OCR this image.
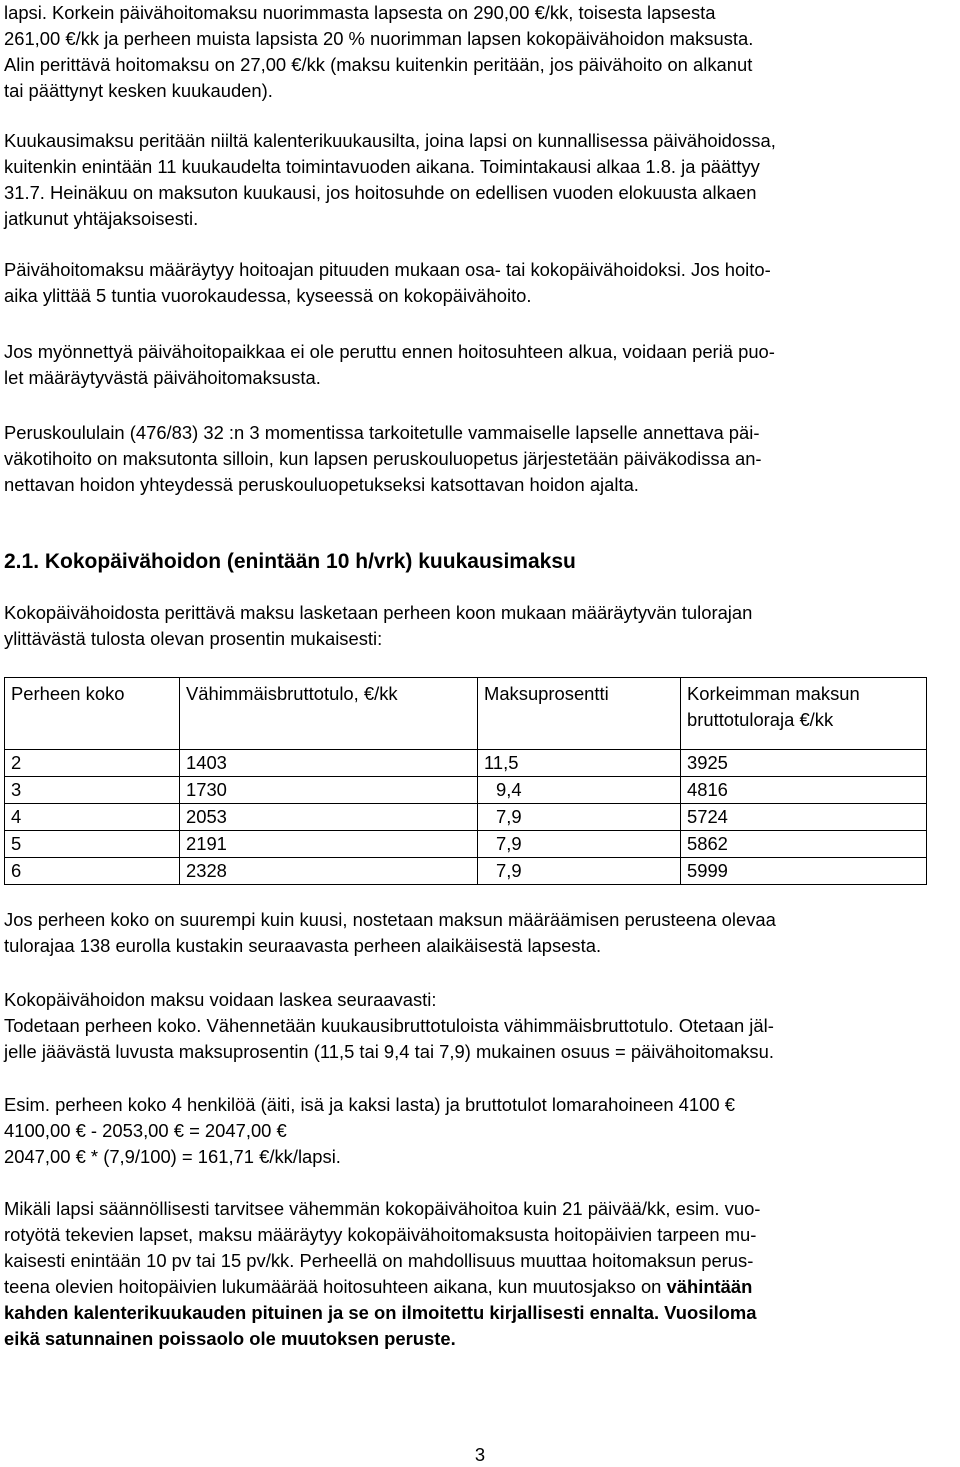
lapsi. Korkein päivähoitomaksu nuorimmasta lapsesta on 290,00 €/kk, toisesta lapsesta
261,00 €/kk ja perheen muista lapsista 20 % nuorimman lapsen kokopäivähoidon maksusta.
Alin perittävä hoitomaksu on 27,00 €/kk (maksu kuitenkin peritään, jos päivähoito on alkanut
tai päättynyt kesken kuukauden).
Kuukausimaksu peritään niiltä kalenterikuukausilta, joina lapsi on kunnallisessa päivähoidossa,
kuitenkin enintään 11 kuukaudelta toimintavuoden aikana. Toimintakausi alkaa 1.8. ja päättyy
31.7. Heinäkuu on maksuton kuukausi, jos hoitosuhde on edellisen vuoden elokuusta alkaen
jatkunut yhtäjaksoisesti.
Päivähoitomaksu määräytyy hoitoajan pituuden mukaan osa- tai kokopäivähoidoksi. Jos hoito-
aika ylittää 5 tuntia vuorokaudessa, kyseessä on kokopäivähoito.
Jos myönnettyä päivähoitopaikkaa ei ole peruttu ennen hoitosuhteen alkua, voidaan periä puo-
let määräytyvästä päivähoitomaksusta.
Peruskoululain (476/83) 32 :n 3 momentissa tarkoitetulle vammaiselle lapselle annettava päi-
väkotihoito on maksutonta silloin, kun lapsen peruskouluopetus järjestetään päiväkodissa an-
nettavan hoidon yhteydessä peruskouluopetukseksi katsottavan hoidon ajalta.
2.1. Kokopäivähoidon (enintään 10 h/vrk) kuukausimaksu
Kokopäivähoidosta perittävä maksu lasketaan perheen koon mukaan määräytyvän tulorajan
ylittävästä tulosta olevan prosentin mukaisesti:
Perheen koko	Vähimmäisbruttotulo, €/kk	Maksuprosentti	Korkeimman maksun
bruttotuloraja €/kk

2	1403	11,5	3925
3	1730	9,4	4816
4	2053	7,9	5724
5	2191	7,9	5862
6	2328	7,9	5999
Jos perheen koko on suurempi kuin kuusi, nostetaan maksun määräämisen perusteena olevaa
tulorajaa 138 eurolla kustakin seuraavasta perheen alaikäisestä lapsesta.
Kokopäivähoidon maksu voidaan laskea seuraavasti:
Todetaan perheen koko. Vähennetään kuukausibruttotuloista vähimmäisbruttotulo. Otetaan jäl-
jelle jäävästä luvusta maksuprosentin (11,5 tai 9,4 tai 7,9) mukainen osuus = päivähoitomaksu.
Esim. perheen koko 4 henkilöä (äiti, isä ja kaksi lasta) ja bruttotulot lomarahoineen 4100 €
4100,00 € - 2053,00 € = 2047,00 €
2047,00 € * (7,9/100) = 161,71 €/kk/lapsi.
Mikäli lapsi säännöllisesti tarvitsee vähemmän kokopäivähoitoa kuin 21 päivää/kk, esim. vuo-
rotyötä tekevien lapset, maksu määräytyy kokopäivähoitomaksusta hoitopäivien tarpeen mu-
kaisesti enintään 10 pv tai 15 pv/kk. Perheellä on mahdollisuus muuttaa hoitomaksun perus-
teena olevien hoitopäivien lukumäärää hoitosuhteen aikana, kun muutosjakso on vähintään
kahden kalenterikuukauden pituinen ja se on ilmoitettu kirjallisesti ennalta. Vuosiloma
eikä satunnainen poissaolo ole muutoksen peruste.
3
